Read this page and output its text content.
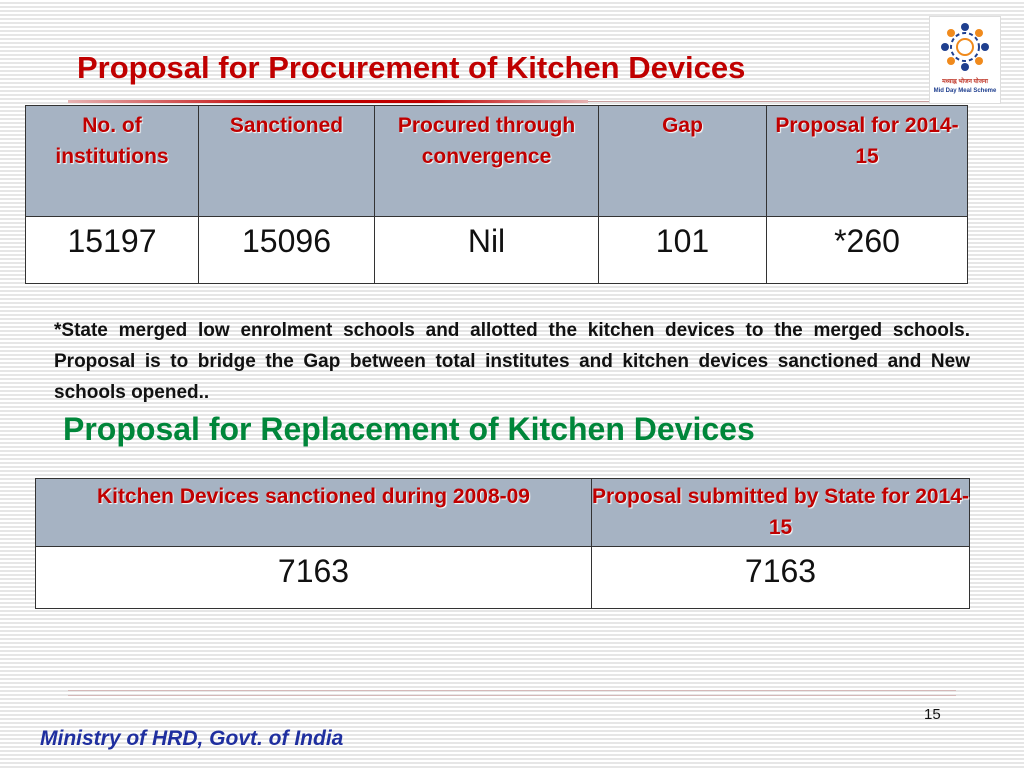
Proposal for Procurement of Kitchen Devices	मध्याह्न भोजन योजना
Mid Day Meal Scheme
No. of institutions	Sanctioned	Procured through convergence	Gap	Proposal for 2014-15
15197	15096	Nil	101	*260

*State merged low enrolment schools and allotted the kitchen devices to the merged schools. Proposal is to bridge the Gap between total institutes and kitchen devices sanctioned and New schools opened..

Proposal for Replacement of Kitchen Devices
Kitchen Devices sanctioned during 2008-09	Proposal submitted by State for 2014-15
7163	7163
15
Ministry of HRD, Govt. of India
